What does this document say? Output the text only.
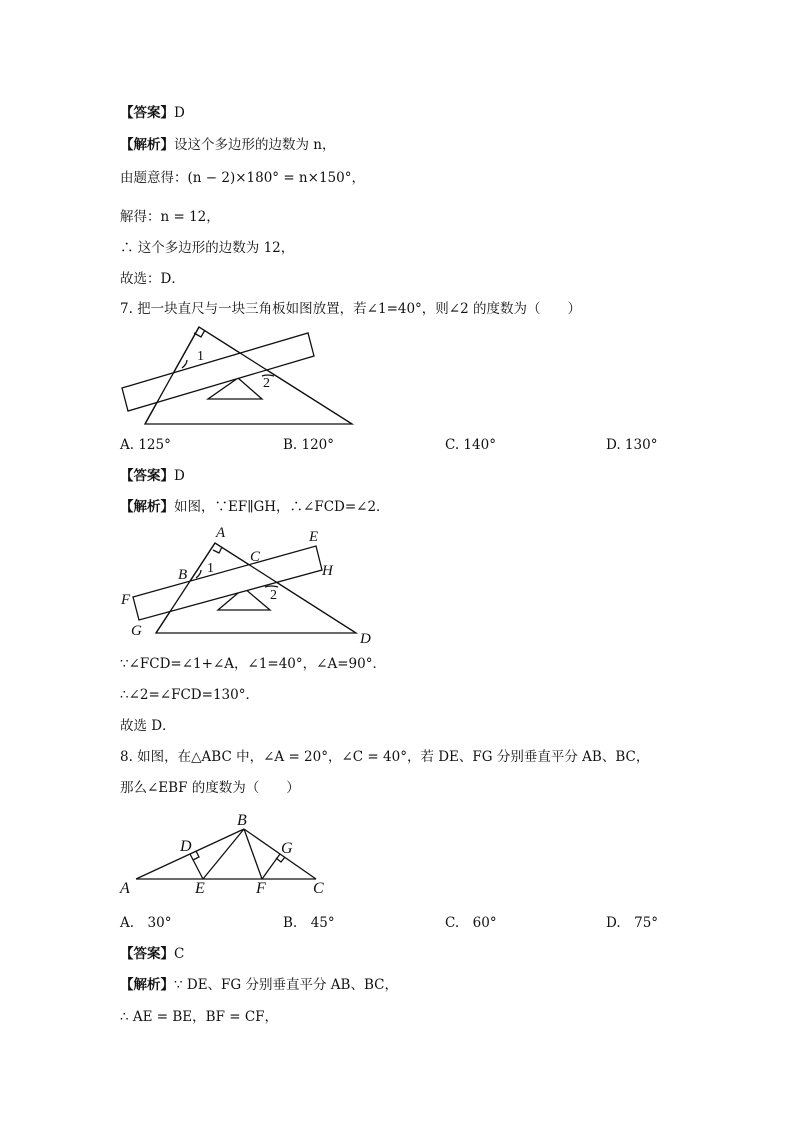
【答案】D
【解析】设这个多边形的边数为 n，
由题意得：(n − 2)×180° = n×150°，
解得：n = 12，
∴ 这个多边形的边数为 12，
故选：D．
7. 把一块直尺与一块三角板如图放置，若∠1=40°，则∠2 的度数为（　　）
1
2
A. 125°	B. 120°	C. 140°	D. 130°
【答案】D
【解析】如图，∵EF∥GH，∴∠FCD=∠2．
A
B
C
E
H
F
G	D
1
2
∵∠FCD=∠1+∠A，∠1=40°，∠A=90°．
∴∠2=∠FCD=130°．
故选 D．
8. 如图，在△ABC 中，∠A = 20°，∠C = 40°，若 DE、FG 分别垂直平分 AB、BC，
那么∠EBF 的度数为（　　）
B
D	G
A	E	F	C
A.　30°	B.　45°	C.　60°	D.　75°
【答案】C
【解析】∵ DE、FG 分别垂直平分 AB、BC，
∴ AE = BE，BF = CF，
